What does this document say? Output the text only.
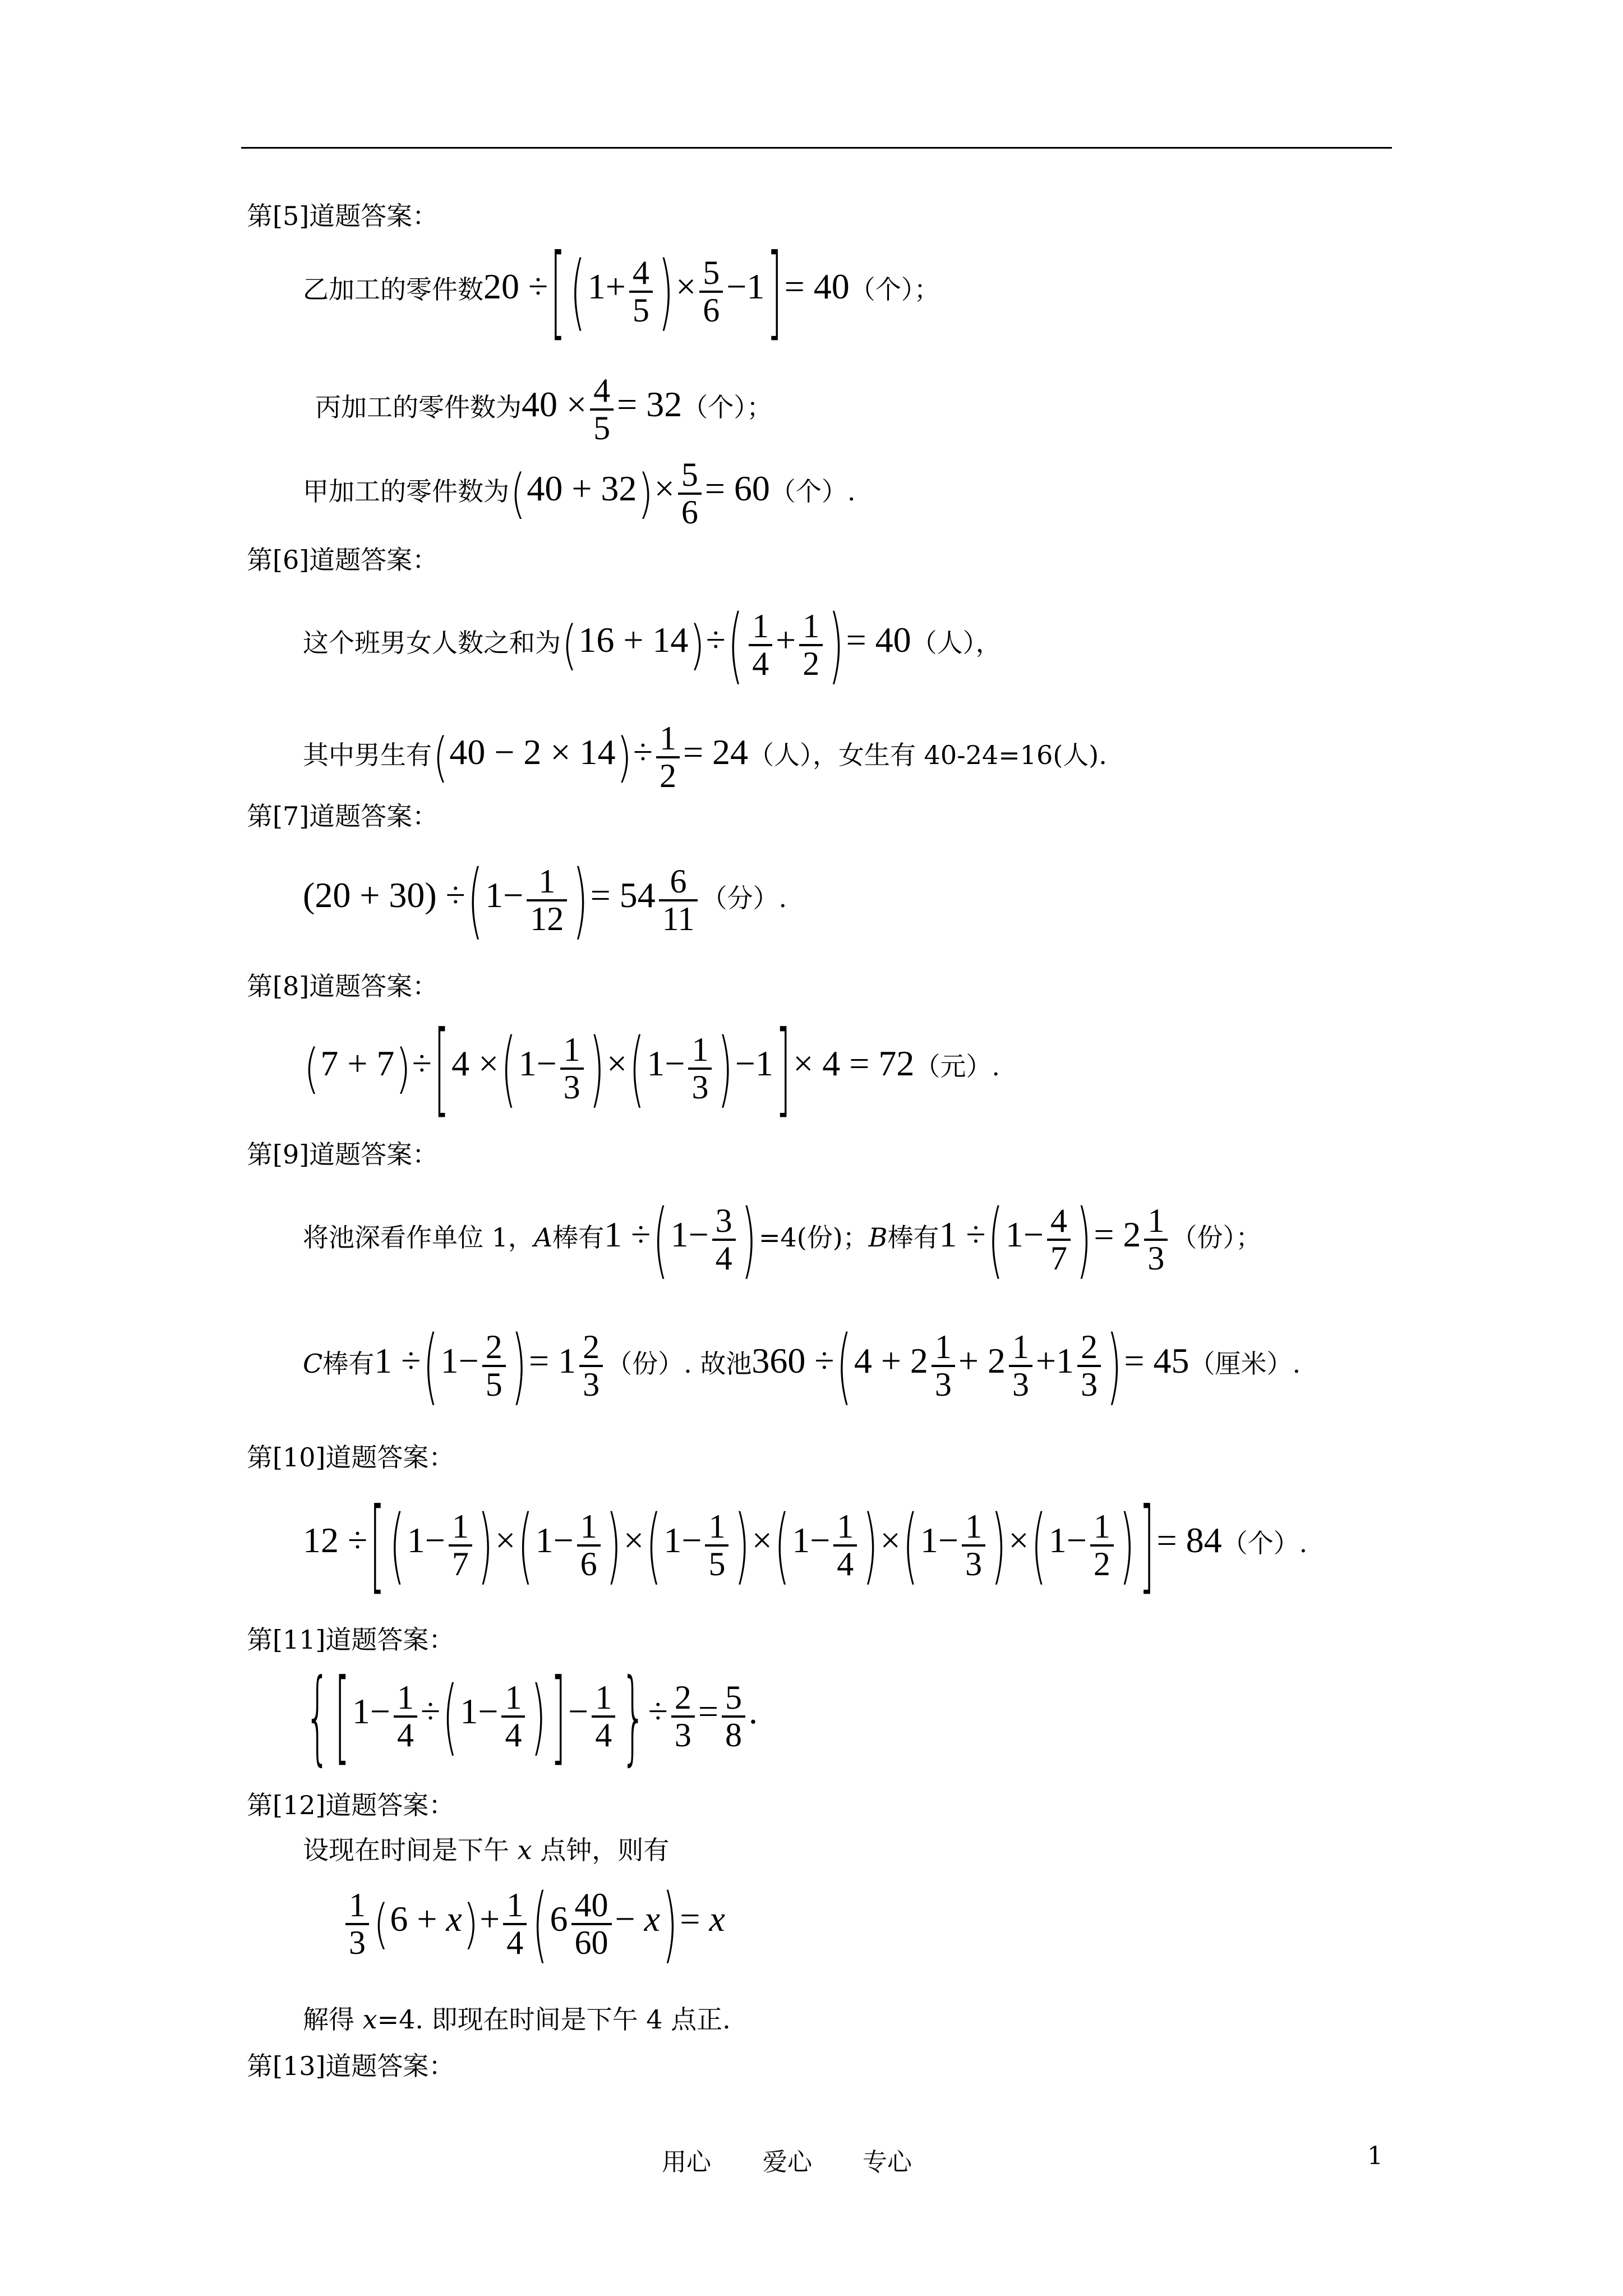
第[5]道题答案：
乙加工的零件数20 ÷[ ($1+ \frac{4}{5}$ )× $\frac{5}{6} -1]= 40$（个）；
丙加工的零件数为$40 \times \frac{4}{5} = 32$（个）；
甲加工的零件数为$(40 + 32)\times \frac{5}{6} = 60$（个）.
第[6]道题答案：
这个班男女人数之和为$(16 + 14)\div( \frac{1}{4} + \frac{1}{2}$ )= 40（人），
其中男生有$(40 - 2 \times 14)\div \frac{1}{2} = 24$（人），女生有 40-24=16(人).
第[7]道题答案：
$(20 + 30) \div(1- \frac{1}{12}$ )= $54 \frac{6}{11}$ （分）.
第[8]道题答案：
$(7 + 7)\div[4 \times(1- \frac{1}{3} )\times(1- \frac{1}{3} )-1]\times 4 = 72$（元）.
第[9]道题答案：
将池深看作单位 1，A棒有$1 \div(1- \frac{3}{4} )=4$(份)；B棒有$1 \div(1- \frac{4}{7}$ )= $2 \frac{1}{3}$ （份）；
C棒有$1 \div(1- \frac{2}{5}$ )= $1 \frac{2}{3}$ （份）. 故池$360 \div(4 + 2 \frac{1}{3} + 2 \frac{1}{3} +1 \frac{2}{3}$ )= 45（厘米）.
第[10]道题答案：
12 ÷[ $(1- \frac{1}{7} )\times(1- \frac{1}{6} )\times(1- \frac{1}{5} )\times(1- \frac{1}{4} )\times(1- \frac{1}{3} )\times(1- \frac{1}{2}$ ) ]= 84（个）.
第[11]道题答案：
{ [$1- \frac{1}{4} \div(1- \frac{1}{4}$ ) ]− $\frac{1}{4}$ }÷ $\frac{2}{3} = \frac{5}{8}$ .
第[12]道题答案：
设现在时间是下午 x 点钟，则有
$\frac{1}{3} (6 + x)+ \frac{1}{4} (6 \frac{40}{60} - x)= x$
解得 x=4. 即现在时间是下午 4 点正.
第[13]道题答案：
用心 爱心 专心	1
